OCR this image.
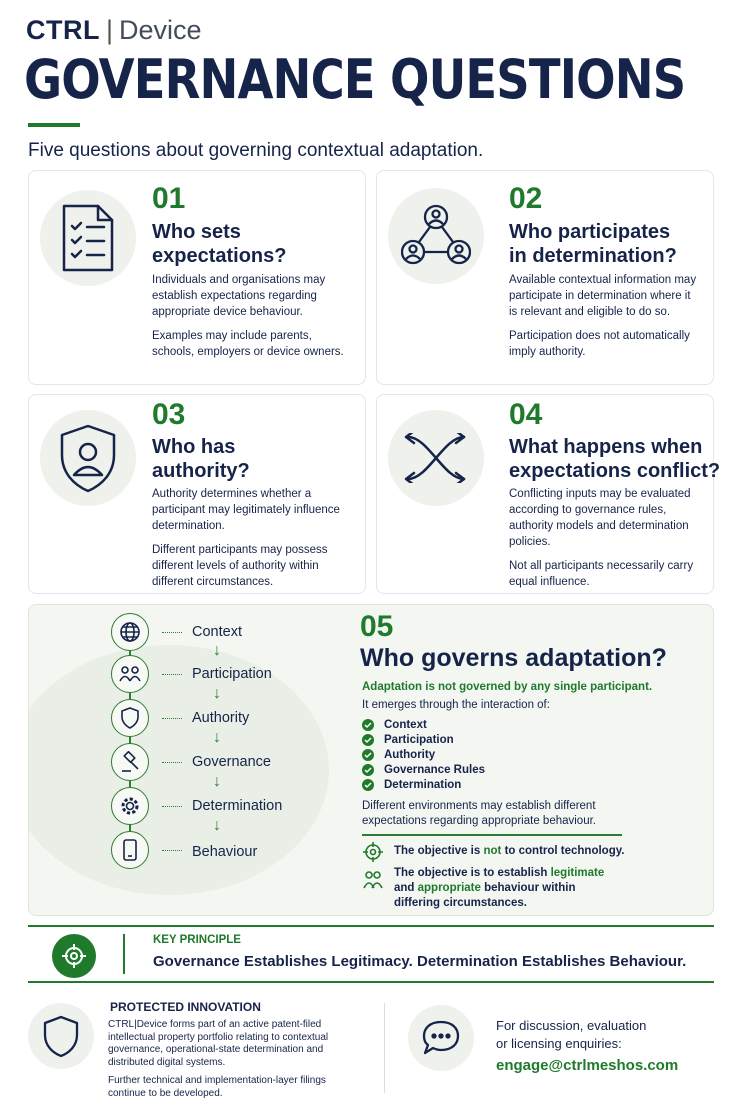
CTRL | Device
GOVERNANCE QUESTIONS
Five questions about governing contextual adaptation.
01
Who sets
expectations?

Individuals and organisations may establish expectations regarding appropriate device behaviour.

Examples may include parents, schools, employers or device owners.

02
Who participates
in determination?

Available contextual information may participate in determination where it is relevant and eligible to do so.

Participation does not automatically imply authority.

03
Who has
authority?

Authority determines whether a participant may legitimately influence determination.

Different participants may possess different levels of authority within different circumstances.

04
What happens when
expectations conflict?

Conflicting inputs may be evaluated according to governance rules, authority models and determination policies.

Not all participants necessarily carry equal influence.

Context
↓
Participation
↓
Authority
↓
Governance
↓
Determination
↓
Behaviour
05
Who governs adaptation?
Adaptation is not governed by any single participant.
It emerges through the interaction of:
Context
Participation
Authority
Governance Rules
Determination
Different environments may establish different expectations regarding appropriate behaviour.
The objective is not to control technology.
The objective is to establish legitimate
and appropriate behaviour within
differing circumstances.
KEY PRINCIPLE
Governance Establishes Legitimacy. Determination Establishes Behaviour.
PROTECTED INNOVATION

CTRL|Device forms part of an active patent-filed intellectual property portfolio relating to contextual governance, operational-state determination and distributed digital systems.

Further technical and implementation-layer filings continue to be developed.

For discussion, evaluation
or licensing enquiries:
engage@ctrlmeshos.com
